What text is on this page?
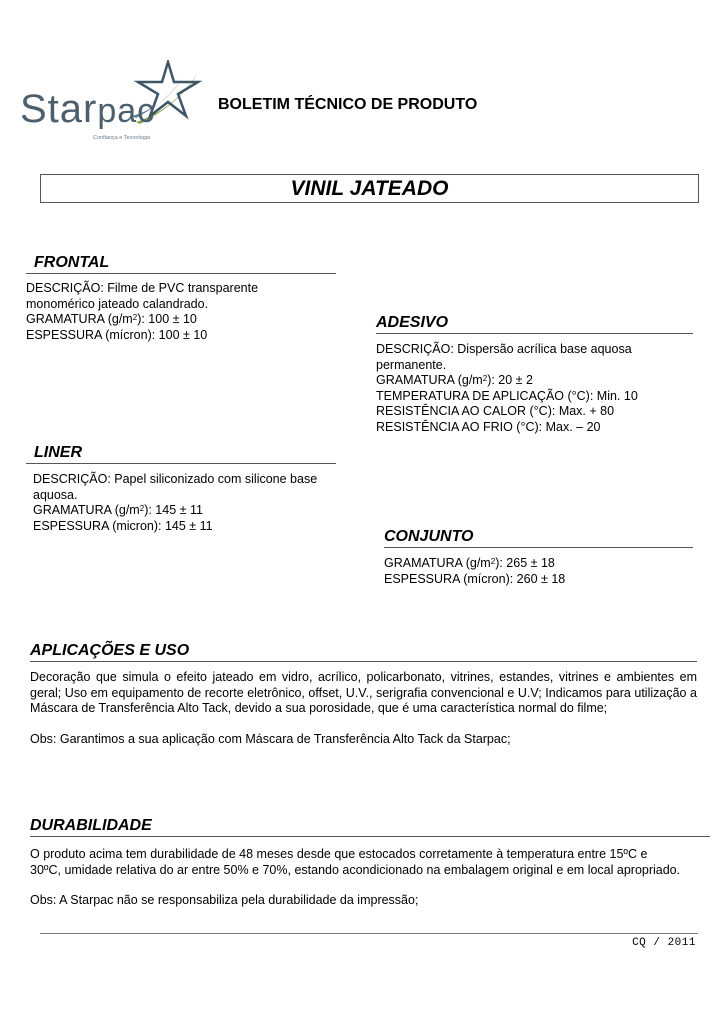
Starpac
Confiança e Tecnologia
BOLETIM TÉCNICO DE PRODUTO
VINIL JATEADO
FRONTAL
DESCRIÇÃO: Filme de PVC transparente
monomérico jateado calandrado.
GRAMATURA $(g/m^2)$: 100 ± 10
ESPESSURA (mícron): 100 ± 10
ADESIVO
DESCRIÇÃO: Dispersão acrílica base aquosa
permanente.
GRAMATURA $(g/m^2)$: 20 ± 2
TEMPERATURA DE APLICAÇÃO (°C): Min. 10
RESISTÊNCIA AO CALOR (°C): Max. + 80
RESISTÊNCIA AO FRIO (°C): Max. – 20
LINER
DESCRIÇÃO: Papel siliconizado com silicone base
aquosa.
GRAMATURA $(g/m^2)$: 145 ± 11
ESPESSURA (micron): 145 ± 11
CONJUNTO
GRAMATURA $(g/m^2)$: 265 ± 18
ESPESSURA (mícron): 260 ± 18
APLICAÇÕES E USO

Decoração que simula o efeito jateado em vidro, acrílico, policarbonato, vitrines, estandes, vitrines e ambientes em geral; Uso em equipamento de recorte eletrônico, offset, U.V., serigrafia convencional e U.V; Indicamos para utilização a Máscara de Transferência Alto Tack, devido a sua porosidade, que é uma característica normal do filme;

Obs: Garantimos a sua aplicação com Máscara de Transferência Alto Tack da Starpac;

DURABILIDADE
O produto acima tem durabilidade de 48 meses desde que estocados corretamente à temperatura entre 15ºC e
30ºC, umidade relativa do ar entre 50% e 70%, estando acondicionado na embalagem original e em local apropriado.

Obs: A Starpac não se responsabiliza pela durabilidade da impressão;

CQ / 2011
